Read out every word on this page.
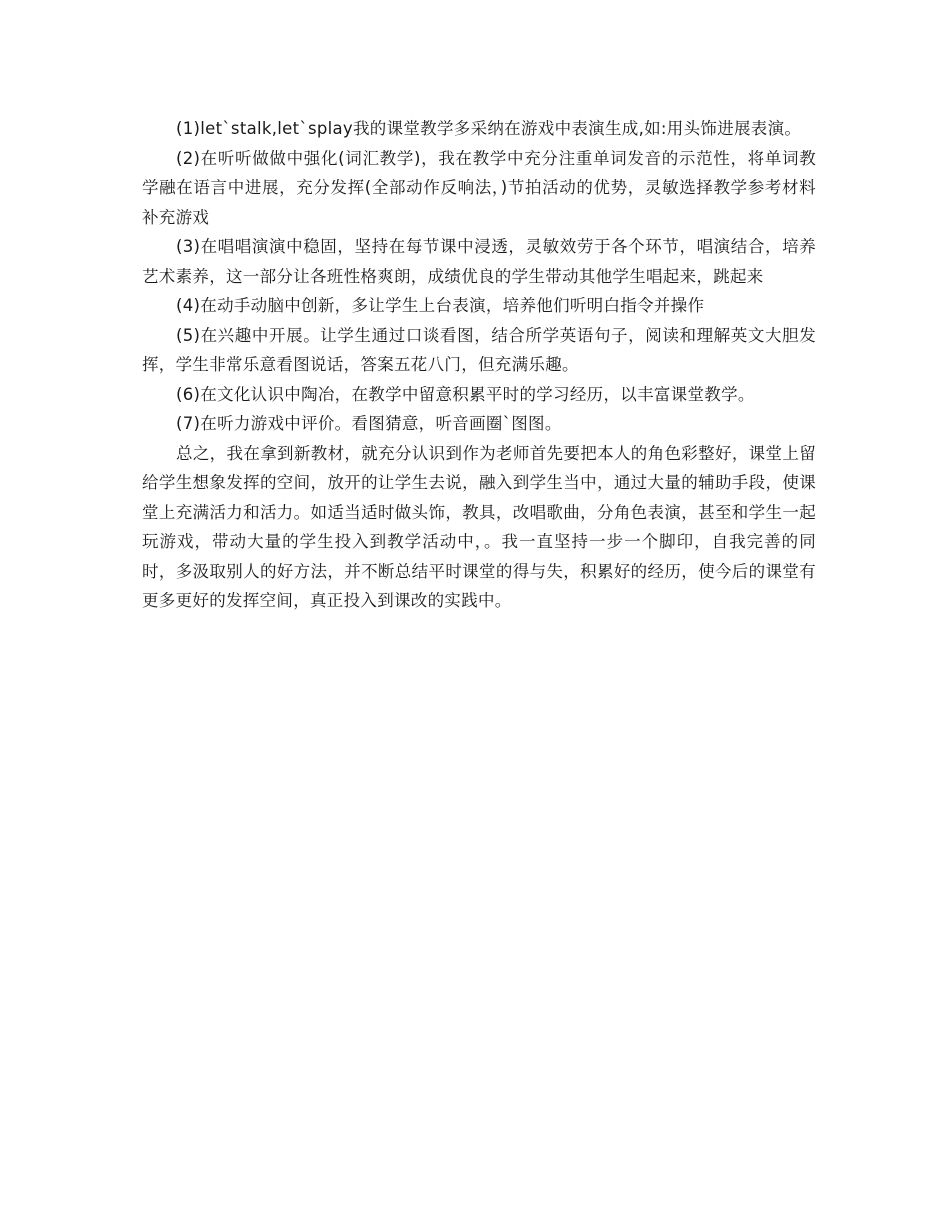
(1)let`stalk,let`splay我的课堂教学多采纳在游戏中表演生成,如:用头饰进展表演。

(2)在听听做做中强化(词汇教学)，我在教学中充分注重单词发音的示范性，将单词教学融在语言中进展，充分发挥(全部动作反响法，)节拍活动的优势，灵敏选择教学参考材料补充游戏

(3)在唱唱演演中稳固，坚持在每节课中浸透，灵敏效劳于各个环节，唱演结合，培养艺术素养，这一部分让各班性格爽朗，成绩优良的学生带动其他学生唱起来，跳起来

(4)在动手动脑中创新，多让学生上台表演，培养他们听明白指令并操作

(5)在兴趣中开展。让学生通过口谈看图，结合所学英语句子，阅读和理解英文大胆发挥，学生非常乐意看图说话，答案五花八门，但充满乐趣。

(6)在文化认识中陶冶，在教学中留意积累平时的学习经历，以丰富课堂教学。

(7)在听力游戏中评价。看图猜意，听音画圈`图图。

总之，我在拿到新教材，就充分认识到作为老师首先要把本人的角色彩整好，课堂上留给学生想象发挥的空间，放开的让学生去说，融入到学生当中，通过大量的辅助手段，使课堂上充满活力和活力。如适当适时做头饰，教具，改唱歌曲，分角色表演，甚至和学生一起玩游戏，带动大量的学生投入到教学活动中，。我一直坚持一步一个脚印，自我完善的同时，多汲取别人的好方法，并不断总结平时课堂的得与失，积累好的经历，使今后的课堂有更多更好的发挥空间，真正投入到课改的实践中。
